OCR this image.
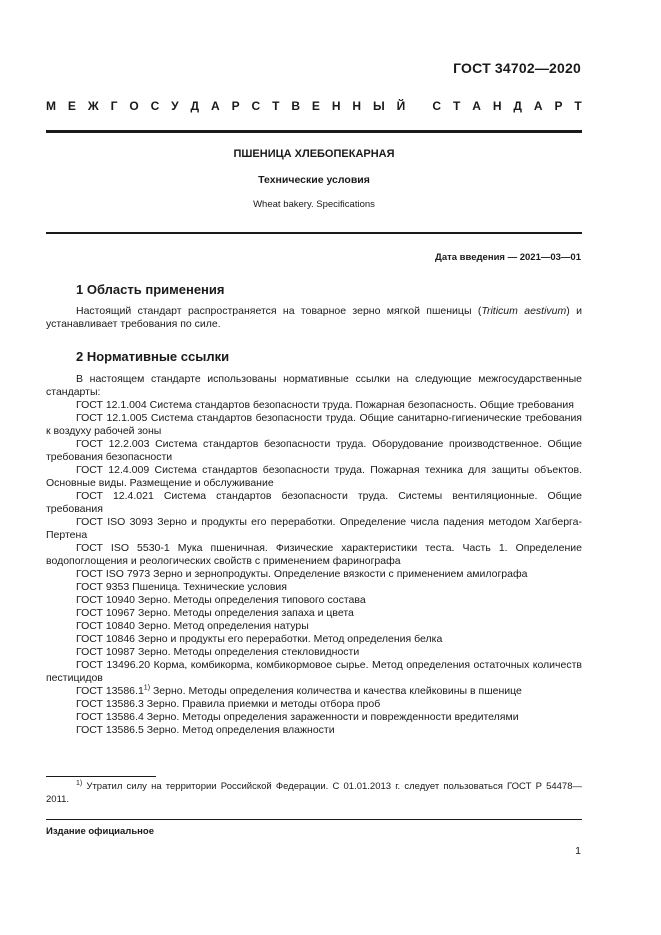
ГОСТ 34702—2020
М Е Ж Г О С У Д А Р С Т В Е Н Н Ы Й
С Т А Н Д А Р Т
ПШЕНИЦА ХЛЕБОПЕКАРНАЯ
Технические условия
Wheat bakery. Specifications
Дата введения — 2021—03—01

1 Область применения

Настоящий стандарт распространяется на товарное зерно мягкой пшеницы (Triticum aestivum) и устанавливает требования по силе.

2 Нормативные ссылки

В настоящем стандарте использованы нормативные ссылки на следующие межгосударственные стандарты:

ГОСТ 12.1.004 Система стандартов безопасности труда. Пожарная безопасность. Общие требования

ГОСТ 12.1.005 Система стандартов безопасности труда. Общие санитарно-гигиенические требования к воздуху рабочей зоны

ГОСТ 12.2.003 Система стандартов безопасности труда. Оборудование производственное. Общие требования безопасности

ГОСТ 12.4.009 Система стандартов безопасности труда. Пожарная техника для защиты объектов. Основные виды. Размещение и обслуживание

ГОСТ 12.4.021 Система стандартов безопасности труда. Системы вентиляционные. Общие требования

ГОСТ ISO 3093 Зерно и продукты его переработки. Определение числа падения методом Хагберга-Пертена

ГОСТ ISO 5530-1 Мука пшеничная. Физические характеристики теста. Часть 1. Определение водопоглощения и реологических свойств с применением фаринографа

ГОСТ ISO 7973 Зерно и зернопродукты. Определение вязкости с применением амилографа

ГОСТ 9353 Пшеница. Технические условия

ГОСТ 10940 Зерно. Методы определения типового состава

ГОСТ 10967 Зерно. Методы определения запаха и цвета

ГОСТ 10840 Зерно. Метод определения натуры

ГОСТ 10846 Зерно и продукты его переработки. Метод определения белка

ГОСТ 10987 Зерно. Методы определения стекловидности

ГОСТ 13496.20 Корма, комбикорма, комбикормовое сырье. Метод определения остаточных количеств пестицидов

ГОСТ 13586.1$^{1)}$ Зерно. Методы определения количества и качества клейковины в пшенице

ГОСТ 13586.3 Зерно. Правила приемки и методы отбора проб

ГОСТ 13586.4 Зерно. Методы определения зараженности и поврежденности вредителями

ГОСТ 13586.5 Зерно. Метод определения влажности

$^{1)}$ Утратил силу на территории Российской Федерации. С 01.01.2013 г. следует пользоваться ГОСТ Р 54478—2011.
Издание официальное
1
